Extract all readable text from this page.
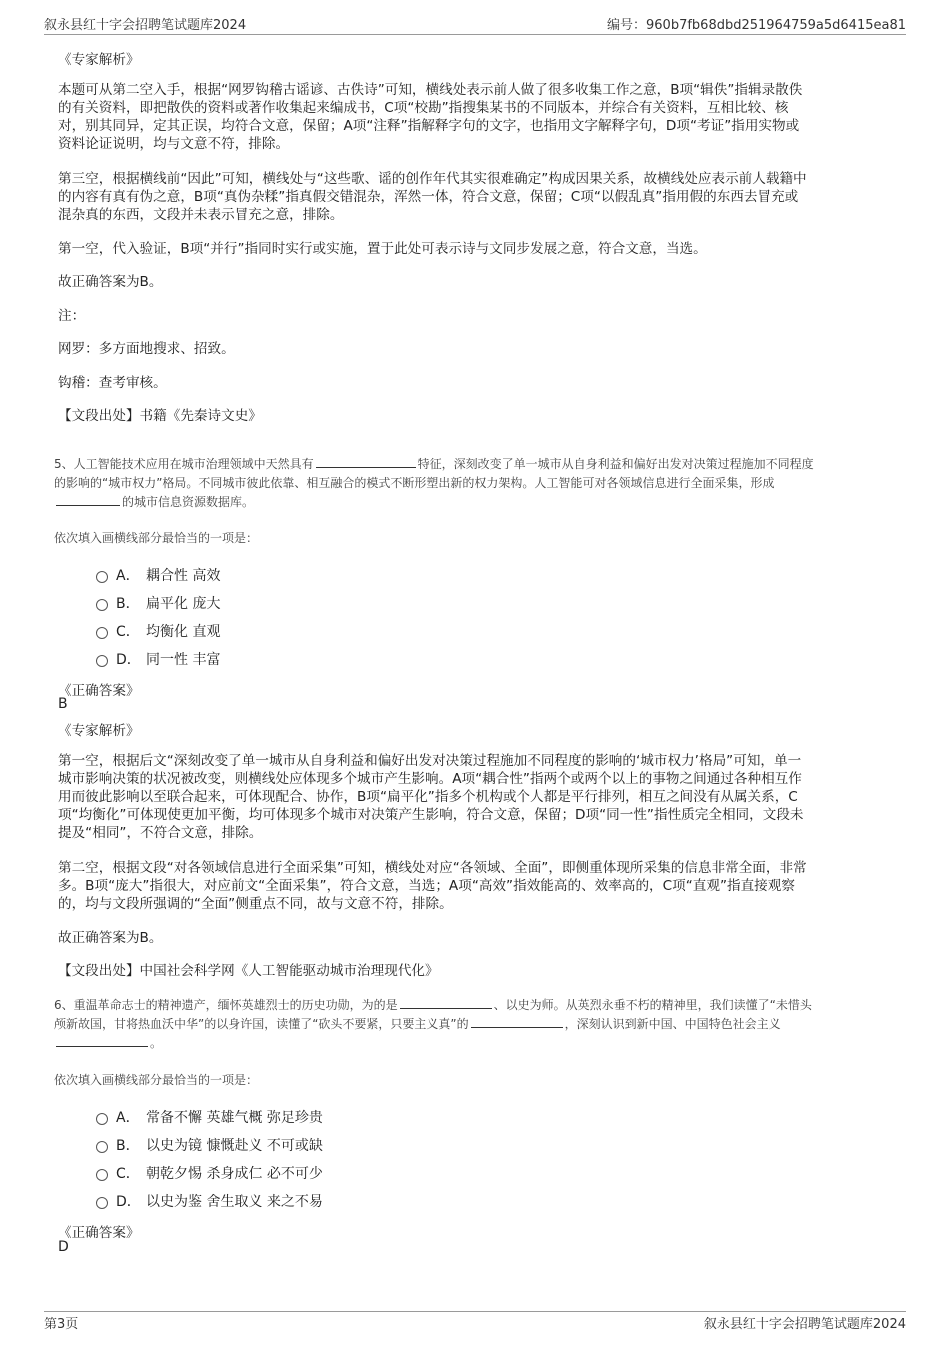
叙永县红十字会招聘笔试题库2024	编号：960b7fb68dbd251964759a5d6415ea81
《专家解析》
本题可从第二空入手，根据“网罗钩稽古谣谚、古佚诗”可知，横线处表示前人做了很多收集工作之意，B项“辑佚”指辑录散佚
的有关资料，即把散佚的资料或著作收集起来编成书，C项“校勘”指搜集某书的不同版本，并综合有关资料，互相比较、核
对，别其同异，定其正误，均符合文意，保留；A项“注释”指解释字句的文字，也指用文字解释字句，D项“考证”指用实物或
资料论证说明，均与文意不符，排除。
第三空，根据横线前“因此”可知，横线处与“这些歌、谣的创作年代其实很难确定”构成因果关系，故横线处应表示前人载籍中
的内容有真有伪之意，B项“真伪杂糅”指真假交错混杂，浑然一体，符合文意，保留；C项“以假乱真”指用假的东西去冒充或
混杂真的东西，文段并未表示冒充之意，排除。
第一空，代入验证，B项“并行”指同时实行或实施，置于此处可表示诗与文同步发展之意，符合文意，当选。
故正确答案为B。
注：
网罗：多方面地搜求、招致。
钩稽：查考审核。
【文段出处】书籍《先秦诗文史》
5、人工智能技术应用在城市治理领域中天然具有	特征，深刻改变了单一城市从自身利益和偏好出发对决策过程施加不同程度
的影响的“城市权力”格局。不同城市彼此依靠、相互融合的模式不断形塑出新的权力架构。人工智能可对各领域信息进行全面采集，形成
的城市信息资源数据库。
依次填入画横线部分最恰当的一项是：
A． 耦合性 高效
B． 扁平化 庞大
C． 均衡化 直观
D． 同一性 丰富
《正确答案》
B
《专家解析》
第一空，根据后文“深刻改变了单一城市从自身利益和偏好出发对决策过程施加不同程度的影响的‘城市权力’格局”可知，单一
城市影响决策的状况被改变，则横线处应体现多个城市产生影响。A项“耦合性”指两个或两个以上的事物之间通过各种相互作
用而彼此影响以至联合起来，可体现配合、协作，B项“扁平化”指多个机构或个人都是平行排列，相互之间没有从属关系，C
项“均衡化”可体现使更加平衡，均可体现多个城市对决策产生影响，符合文意，保留；D项“同一性”指性质完全相同，文段未
提及“相同”，不符合文意，排除。
第二空，根据文段“对各领域信息进行全面采集”可知，横线处对应“各领域、全面”，即侧重体现所采集的信息非常全面，非常
多。B项“庞大”指很大，对应前文“全面采集”，符合文意，当选；A项“高效”指效能高的、效率高的，C项“直观”指直接观察
的，均与文段所强调的“全面”侧重点不同，故与文意不符，排除。
故正确答案为B。
【文段出处】中国社会科学网《人工智能驱动城市治理现代化》
6、重温革命志士的精神遗产，缅怀英雄烈士的历史功勋，为的是	、以史为师。从英烈永垂不朽的精神里，我们读懂了“未惜头
颅新故国，甘将热血沃中华”的以身许国，读懂了“砍头不要紧，只要主义真”的	，深刻认识到新中国、中国特色社会主义
。
依次填入画横线部分最恰当的一项是：
A． 常备不懈 英雄气概 弥足珍贵
B． 以史为镜 慷慨赴义 不可或缺
C． 朝乾夕惕 杀身成仁 必不可少
D． 以史为鉴 舍生取义 来之不易
《正确答案》
D
第3页	叙永县红十字会招聘笔试题库2024
